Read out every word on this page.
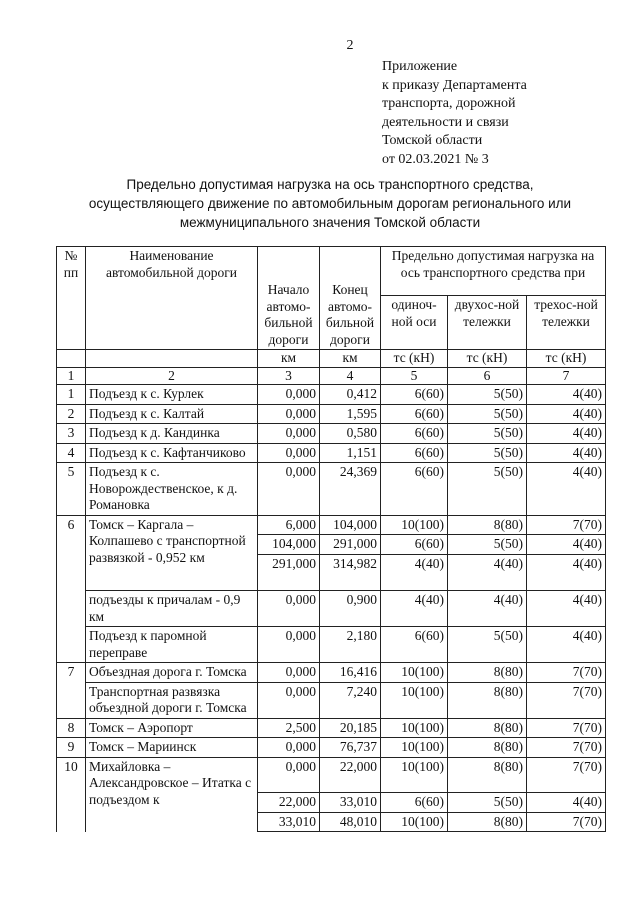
2
Приложение
к приказу Департамента
транспорта, дорожной
деятельности и связи
Томской области
от 02.03.2021 № 3
Предельно допустимая нагрузка на ось транспортного средства,
осуществляющего движение по автомобильным дорогам регионального или
межмуниципального значения Томской области
№ пп	Наименование автомобильной дороги	Начало автомо-бильной дороги	Конец автомо-бильной дороги	Предельно допустимая нагрузка на ось транспортного средства при		
				одиноч-ной оси	двухос-ной тележки	трехос-ной тележки
		км	км	тс (кН)	тс (кН)	тс (кН)
1	2	3	4	5	6	7
1	Подъезд к с. Курлек	0,000	0,412	6(60)	5(50)	4(40)
2	Подъезд к с. Калтай	0,000	1,595	6(60)	5(50)	4(40)
3	Подъезд к д. Кандинка	0,000	0,580	6(60)	5(50)	4(40)
4	Подъезд к с. Кафтанчиково	0,000	1,151	6(60)	5(50)	4(40)
5	Подъезд к с. Новорождественское, к д. Романовка	0,000	24,369	6(60)	5(50)	4(40)
6	Томск – Каргала – Колпашево с транспортной развязкой - 0,952 км	6,000	104,000	10(100)	8(80)	7(70)
		104,000	291,000	6(60)	5(50)	4(40)
		291,000	314,982	4(40)	4(40)	4(40)

	подъезды к причалам - 0,9 км	0,000	0,900	4(40)	4(40)	4(40)
	Подъезд к паромной переправе	0,000	2,180	6(60)	5(50)	4(40)
7	Объездная дорога г. Томска	0,000	16,416	10(100)	8(80)	7(70)
	Транспортная развязка объездной дороги г. Томска	0,000	7,240	10(100)	8(80)	7(70)
8	Томск – Аэропорт	2,500	20,185	10(100)	8(80)	7(70)
9	Томск – Мариинск	0,000	76,737	10(100)	8(80)	7(70)
10	Михайловка – Александровское – Итатка с подъездом к	0,000	22,000	10(100)	8(80)	7(70)

		22,000	33,010	6(60)	5(50)	4(40)
		33,010	48,010	10(100)	8(80)	7(70)
